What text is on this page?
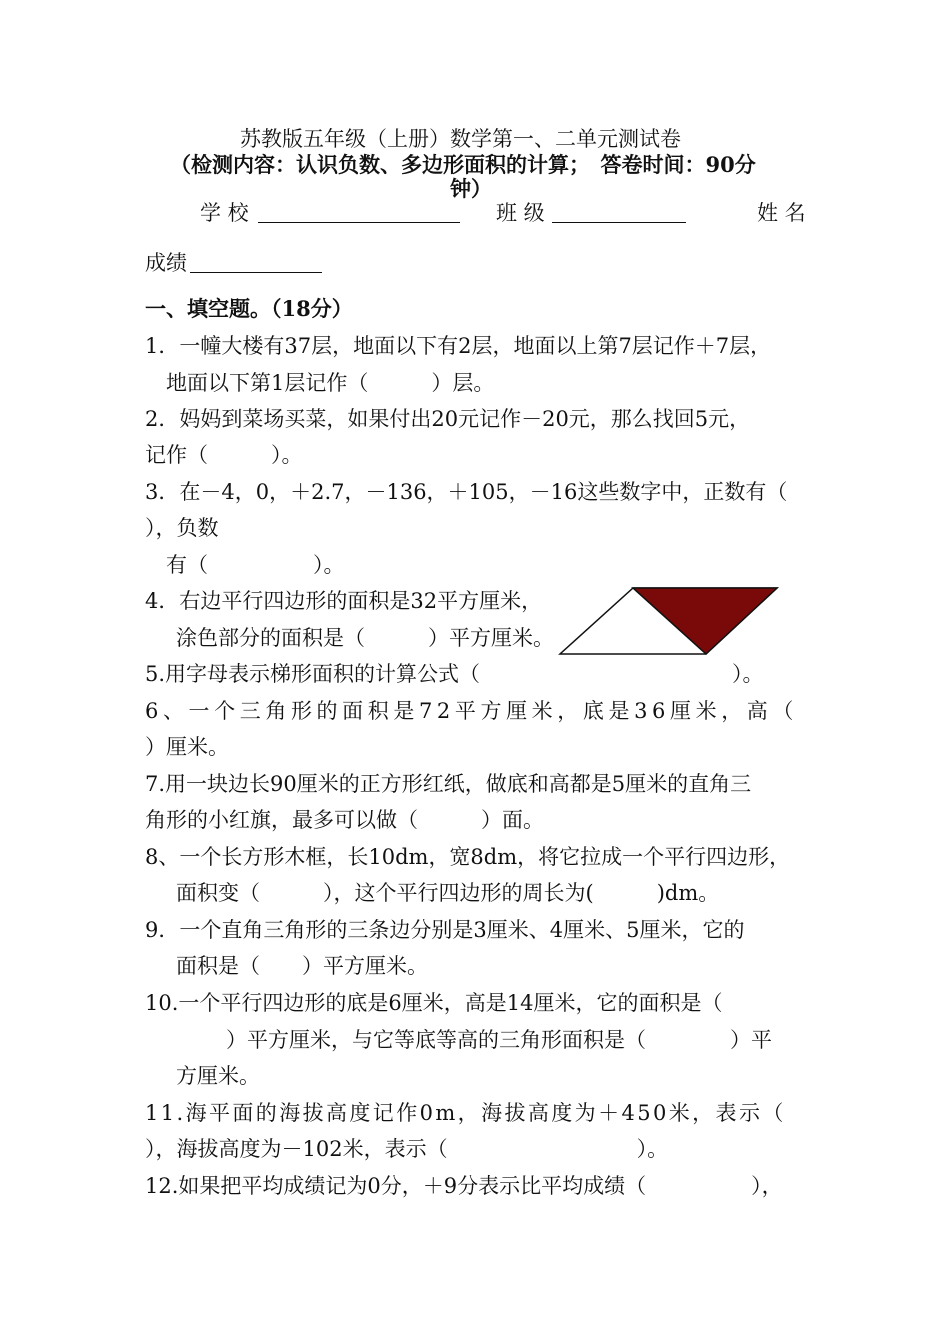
苏教版五年级（上册）数学第一、二单元测试卷
（检测内容：认识负数、多边形面积的计算；　答卷时间：90分
钟）
学 校	班 级	姓 名
成绩
一、填空题。（18分）
1．一幢大楼有37层，地面以下有2层，地面以上第7层记作＋7层，
地面以下第1层记作（　　　）层。
2．妈妈到菜场买菜，如果付出20元记作－20元，那么找回5元，
记作（　　　）。
3．在－4，0，＋2.7，－136，＋105，－16这些数字中，正数有（
），负数
有（　　　　　）。
4．右边平行四边形的面积是32平方厘米，
涂色部分的面积是（　　　）平方厘米。
5.用字母表示梯形面积的计算公式（　　　　　　　　　　　　）。
6、一个三角形的面积是72平方厘米，底是36厘米，高（
）厘米。
7.用一块边长90厘米的正方形红纸，做底和高都是5厘米的直角三
角形的小红旗，最多可以做（　　　）面。
8、一个长方形木框，长10dm，宽8dm，将它拉成一个平行四边形，
面积变（　　　），这个平行四边形的周长为(　　　)dm。
9．一个直角三角形的三条边分别是3厘米、4厘米、5厘米，它的
面积是（　　）平方厘米。
10.一个平行四边形的底是6厘米，高是14厘米，它的面积是（
）平方厘米，与它等底等高的三角形面积是（　　　　）平
方厘米。
11.海平面的海拔高度记作0m，海拔高度为＋450米，表示（
），海拔高度为－102米，表示（　　　　　　　　　）。
12.如果把平均成绩记为0分，＋9分表示比平均成绩（　　　　　），
